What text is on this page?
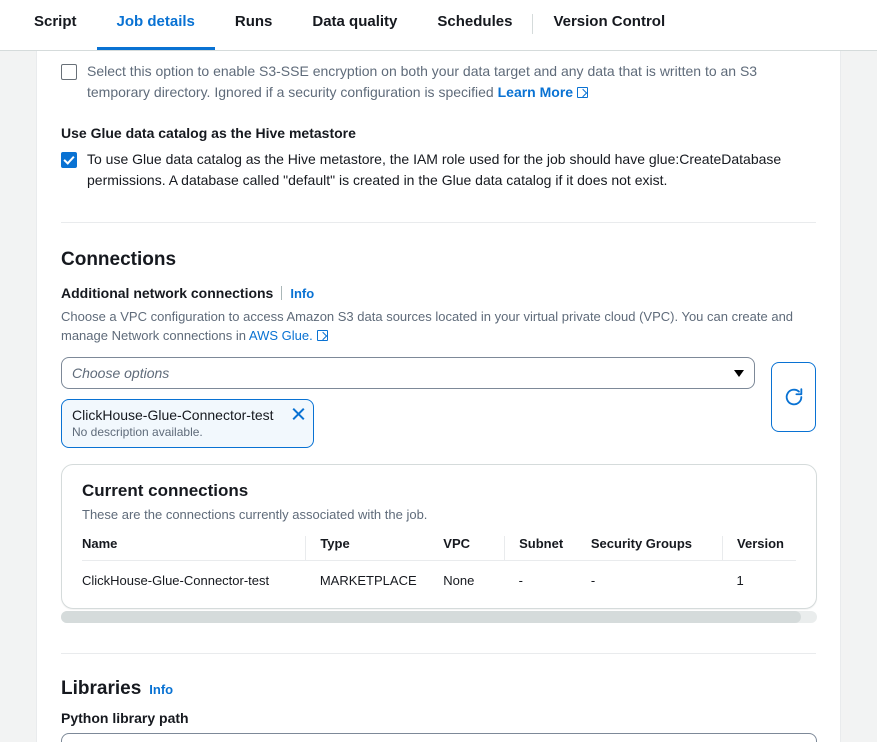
Script	Job details	Runs	Data quality	Schedules	Version Control
Select this option to enable S3-SSE encryption on both your data target and any data that is written to an S3 temporary directory. Ignored if a security configuration is specified Learn More
Use Glue data catalog as the Hive metastore
To use Glue data catalog as the Hive metastore, the IAM role used for the job should have glue:CreateDatabase permissions. A database called "default" is created in the Glue data catalog if it does not exist.
Connections
Additional network connections Info

Choose a VPC configuration to access Amazon S3 data sources located in your virtual private cloud (VPC). You can create and manage Network connections in AWS Glue.

Choose options
ClickHouse-Glue-Connector-test
No description available.
Current connections
These are the connections currently associated with the job.
Name	Type	VPC	Subnet	Security Groups	Version
ClickHouse-Glue-Connector-test	MARKETPLACE	None	-	-	1
Libraries Info
Python library path
